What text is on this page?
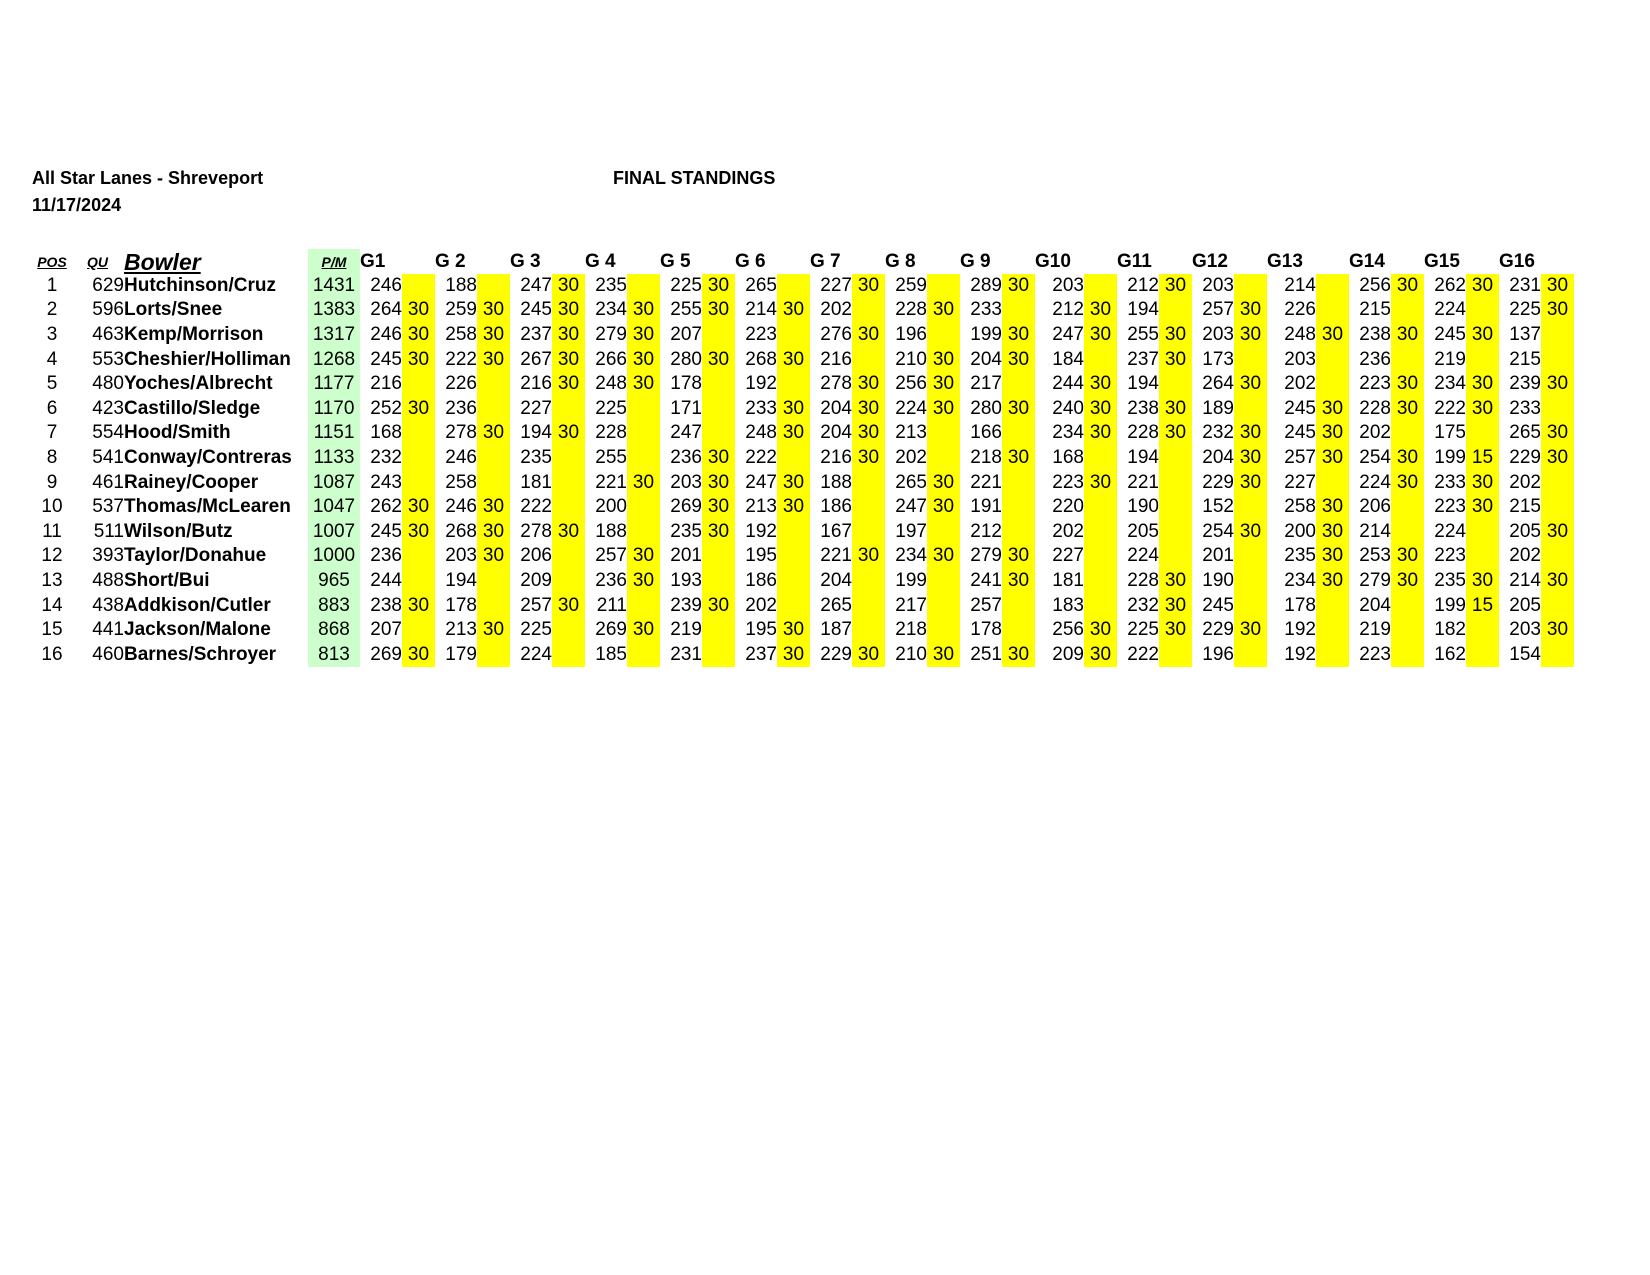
All Star Lanes - Shreveport
11/17/2024
FINAL STANDINGS
POS	QU	Bowler	P/M	G1		G 2		G 3		G 4		G 5		G 6		G 7		G 8		G 9		G10		G11		G12		G13		G14		G15		G16	
1	629	Hutchinson/Cruz	1431	246		188		247	30	235		225	30	265		227	30	259		289	30	203		212	30	203		214		256	30	262	30	231	30
2	596	Lorts/Snee	1383	264	30	259	30	245	30	234	30	255	30	214	30	202		228	30	233		212	30	194		257	30	226		215		224		225	30
3	463	Kemp/Morrison	1317	246	30	258	30	237	30	279	30	207		223		276	30	196		199	30	247	30	255	30	203	30	248	30	238	30	245	30	137	
4	553	Cheshier/Holliman	1268	245	30	222	30	267	30	266	30	280	30	268	30	216		210	30	204	30	184		237	30	173		203		236		219		215	
5	480	Yoches/Albrecht	1177	216		226		216	30	248	30	178		192		278	30	256	30	217		244	30	194		264	30	202		223	30	234	30	239	30
6	423	Castillo/Sledge	1170	252	30	236		227		225		171		233	30	204	30	224	30	280	30	240	30	238	30	189		245	30	228	30	222	30	233	
7	554	Hood/Smith	1151	168		278	30	194	30	228		247		248	30	204	30	213		166		234	30	228	30	232	30	245	30	202		175		265	30
8	541	Conway/Contreras	1133	232		246		235		255		236	30	222		216	30	202		218	30	168		194		204	30	257	30	254	30	199	15	229	30
9	461	Rainey/Cooper	1087	243		258		181		221	30	203	30	247	30	188		265	30	221		223	30	221		229	30	227		224	30	233	30	202	
10	537	Thomas/McLearen	1047	262	30	246	30	222		200		269	30	213	30	186		247	30	191		220		190		152		258	30	206		223	30	215	
11	511	Wilson/Butz	1007	245	30	268	30	278	30	188		235	30	192		167		197		212		202		205		254	30	200	30	214		224		205	30
12	393	Taylor/Donahue	1000	236		203	30	206		257	30	201		195		221	30	234	30	279	30	227		224		201		235	30	253	30	223		202	
13	488	Short/Bui	965	244		194		209		236	30	193		186		204		199		241	30	181		228	30	190		234	30	279	30	235	30	214	30
14	438	Addkison/Cutler	883	238	30	178		257	30	211		239	30	202		265		217		257		183		232	30	245		178		204		199	15	205	
15	441	Jackson/Malone	868	207		213	30	225		269	30	219		195	30	187		218		178		256	30	225	30	229	30	192		219		182		203	30
16	460	Barnes/Schroyer	813	269	30	179		224		185		231		237	30	229	30	210	30	251	30	209	30	222		196		192		223		162		154	
